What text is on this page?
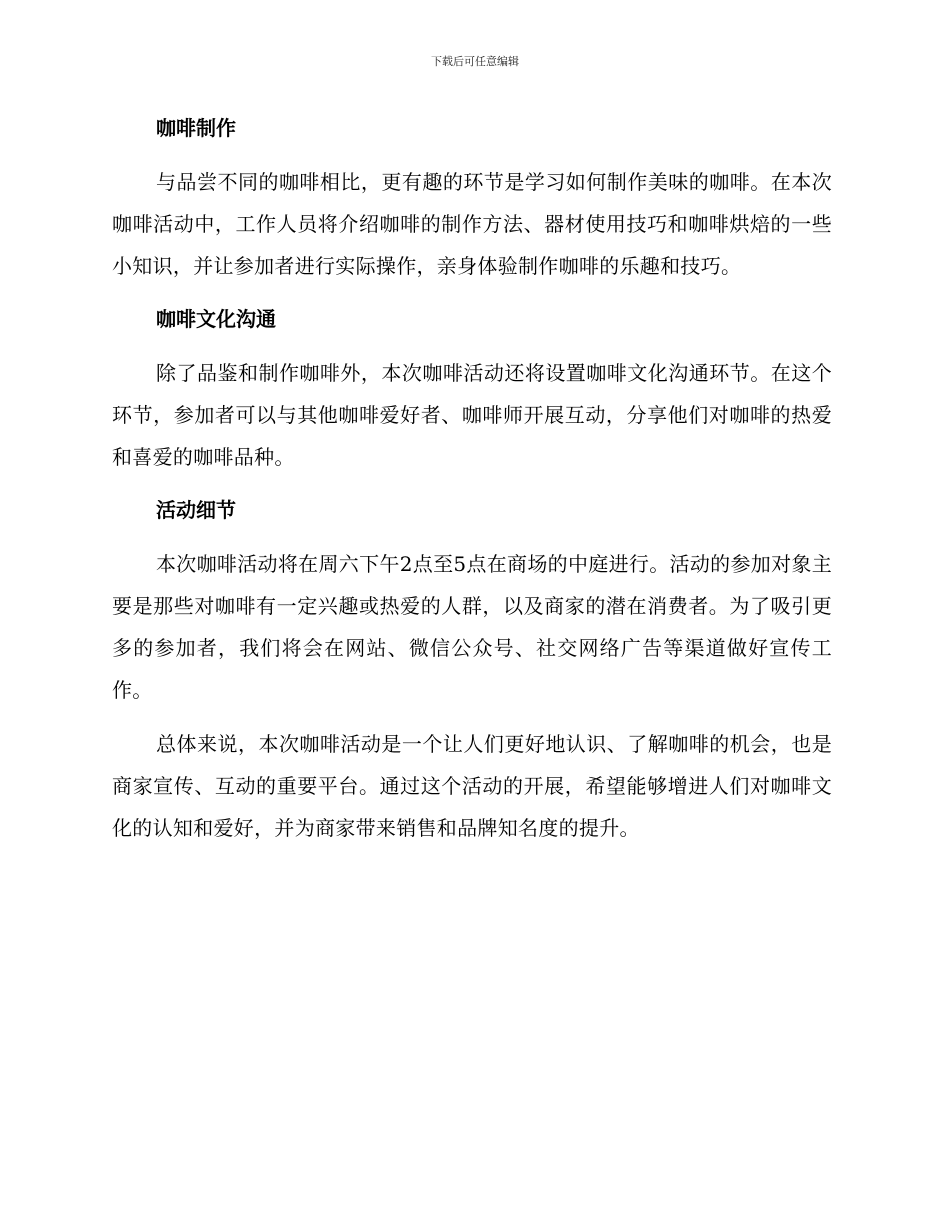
下载后可任意编辑
咖啡制作

与品尝不同的咖啡相比，更有趣的环节是学习如何制作美味的咖啡。在本次咖啡活动中，工作人员将介绍咖啡的制作方法、器材使用技巧和咖啡烘焙的一些小知识，并让参加者进行实际操作，亲身体验制作咖啡的乐趣和技巧。

咖啡文化沟通

除了品鉴和制作咖啡外，本次咖啡活动还将设置咖啡文化沟通环节。在这个环节，参加者可以与其他咖啡爱好者、咖啡师开展互动，分享他们对咖啡的热爱和喜爱的咖啡品种。

活动细节

本次咖啡活动将在周六下午2点至5点在商场的中庭进行。活动的参加对象主要是那些对咖啡有一定兴趣或热爱的人群，以及商家的潜在消费者。为了吸引更多的参加者，我们将会在网站、微信公众号、社交网络广告等渠道做好宣传工作。

总体来说，本次咖啡活动是一个让人们更好地认识、了解咖啡的机会，也是商家宣传、互动的重要平台。通过这个活动的开展，希望能够增进人们对咖啡文化的认知和爱好，并为商家带来销售和品牌知名度的提升。
